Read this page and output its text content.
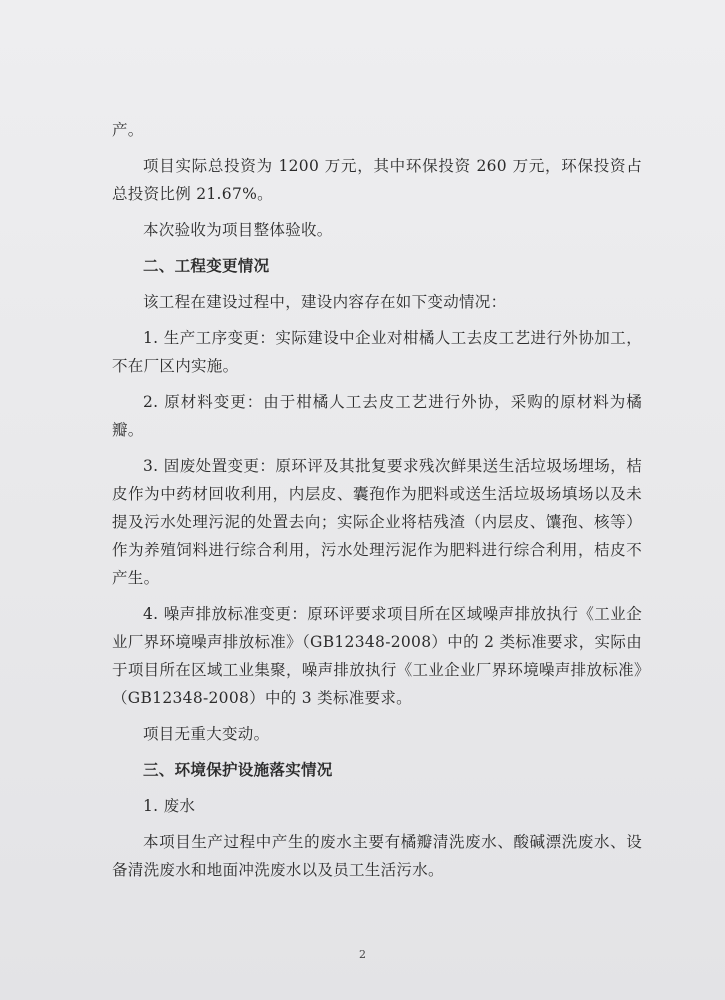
产。

项目实际总投资为 1200 万元，其中环保投资 260 万元，环保投资占总投资比例 21.67%。

本次验收为项目整体验收。

二、工程变更情况

该工程在建设过程中，建设内容存在如下变动情况：

1. 生产工序变更：实际建设中企业对柑橘人工去皮工艺进行外协加工，不在厂区内实施。

2. 原材料变更：由于柑橘人工去皮工艺进行外协，采购的原材料为橘瓣。

3. 固废处置变更：原环评及其批复要求残次鲜果送生活垃圾场埋场，桔皮作为中药材回收利用，内层皮、囊孢作为肥料或送生活垃圾场填场以及未提及污水处理污泥的处置去向；实际企业将桔残渣（内层皮、馕孢、核等）作为养殖饲料进行综合利用，污水处理污泥作为肥料进行综合利用，桔皮不产生。

4. 噪声排放标准变更：原环评要求项目所在区域噪声排放执行《工业企业厂界环境噪声排放标准》（GB12348-2008）中的 2 类标准要求，实际由于项目所在区域工业集聚，噪声排放执行《工业企业厂界环境噪声排放标准》（GB12348-2008）中的 3 类标准要求。

项目无重大变动。

三、环境保护设施落实情况

1. 废水

本项目生产过程中产生的废水主要有橘瓣清洗废水、酸碱漂洗废水、设备清洗废水和地面冲洗废水以及员工生活污水。

2
